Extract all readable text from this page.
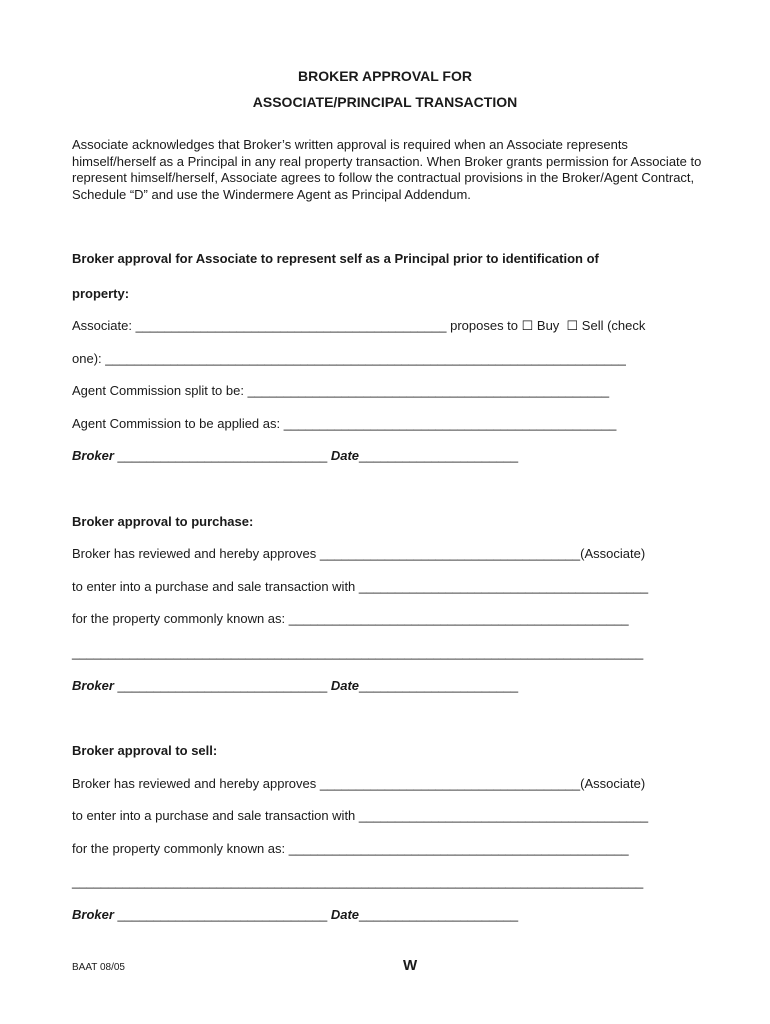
BROKER APPROVAL FOR
ASSOCIATE/PRINCIPAL TRANSACTION
Associate acknowledges that Broker’s written approval is required when an Associate represents himself/herself as a Principal in any real property transaction. When Broker grants permission for Associate to represent himself/herself, Associate agrees to follow the contractual provisions in the Broker/Agent Contract, Schedule “D” and use the Windermere Agent as Principal Addendum.
Broker approval for Associate to represent self as a Principal prior to identification of
property:
Associate: ___________________________________________ proposes to ☐ Buy  ☐ Sell (check
one): ________________________________________________________________________
Agent Commission split to be: __________________________________________________
Agent Commission to be applied as: ______________________________________________
Broker _____________________________ Date______________________
Broker approval to purchase:
Broker has reviewed and hereby approves ____________________________________(Associate)
to enter into a purchase and sale transaction with ________________________________________
for the property commonly known as: _______________________________________________
_______________________________________________________________________________
Broker _____________________________ Date______________________
Broker approval to sell:
Broker has reviewed and hereby approves ____________________________________(Associate)
to enter into a purchase and sale transaction with ________________________________________
for the property commonly known as: _______________________________________________
_______________________________________________________________________________
Broker _____________________________ Date______________________
BAAT 08/05	W
